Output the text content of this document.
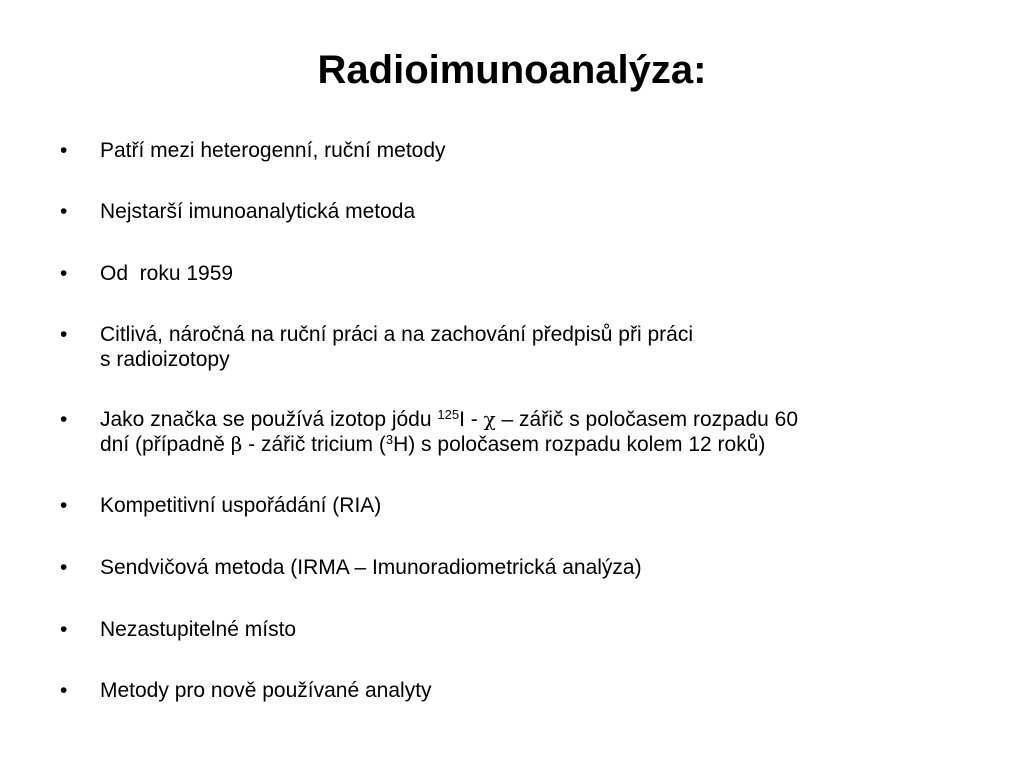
Radioimunoanalýza:
• Patří mezi heterogenní, ruční metody
• Nejstarší imunoanalytická metoda
• Od  roku 1959
• Citlivá, náročná na ruční práci a na zachování předpisů při práci
s radioizotopy
• Jako značka se používá izotop jódu $^{125}$I - χ – zářič s poločasem rozpadu 60
dní (případně β - zářič tricium ($^3$H) s poločasem rozpadu kolem 12 roků)
• Kompetitivní uspořádání (RIA)
• Sendvičová metoda (IRMA – Imunoradiometrická analýza)
• Nezastupitelné místo
• Metody pro nově používané analyty
